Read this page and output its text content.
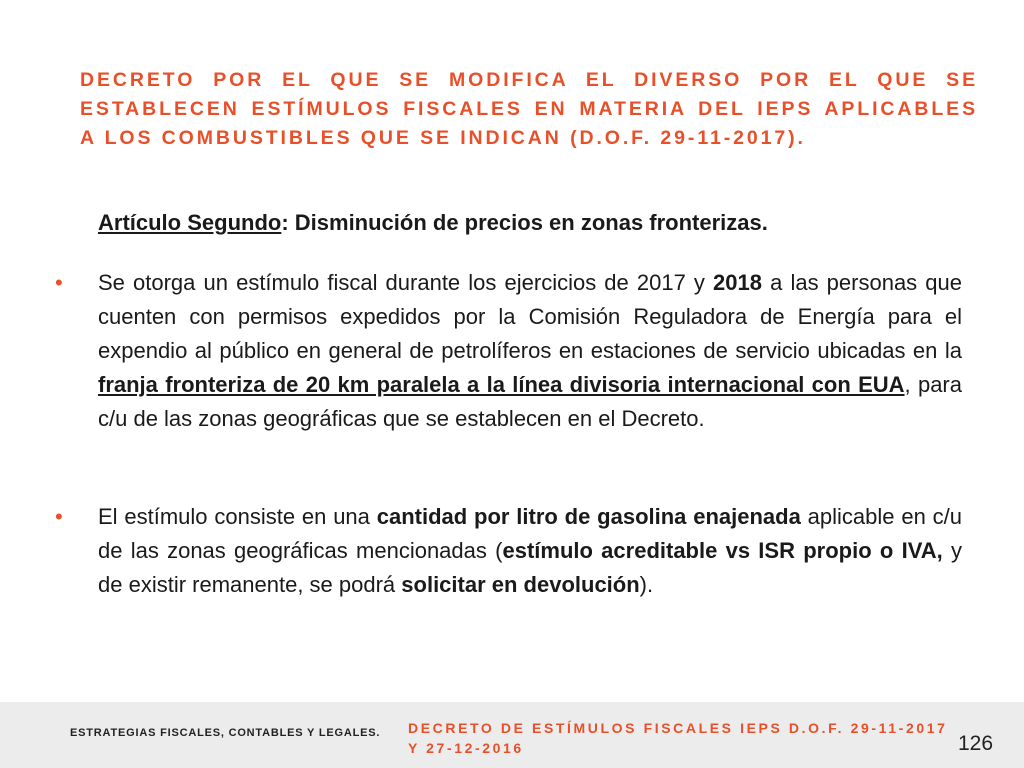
DECRETO POR EL QUE SE MODIFICA EL DIVERSO POR EL QUE SE ESTABLECEN ESTÍMULOS FISCALES EN MATERIA DEL IEPS APLICABLES A LOS COMBUSTIBLES QUE SE INDICAN (D.O.F. 29-11-2017).

Artículo Segundo: Disminución de precios en zonas fronterizas.

• Se otorga un estímulo fiscal durante los ejercicios de 2017 y 2018 a las personas que cuenten con permisos expedidos por la Comisión Reguladora de Energía para el expendio al público en general de petrolíferos en estaciones de servicio ubicadas en la franja fronteriza de 20 km paralela a la línea divisoria internacional con EUA, para c/u de las zonas geográficas que se establecen en el Decreto.
• El estímulo consiste en una cantidad por litro de gasolina enajenada aplicable en c/u de las zonas geográficas mencionadas (estímulo acreditable vs ISR propio o IVA, y de existir remanente, se podrá solicitar en devolución).
ESTRATEGIAS FISCALES, CONTABLES Y LEGALES. DECRETO DE ESTÍMULOS FISCALES IEPS D.O.F. 29-11-2017
Y 27-12-2016	126
